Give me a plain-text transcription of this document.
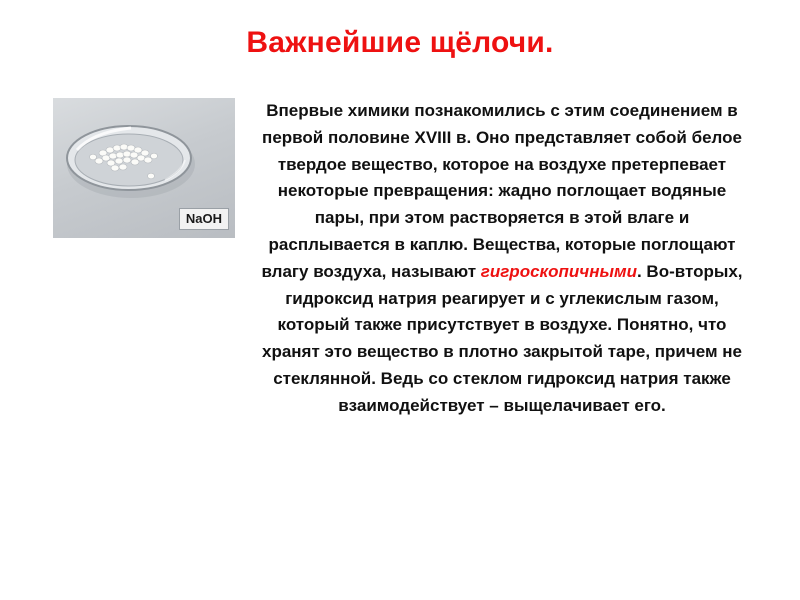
Важнейшие щёлочи.
NaOH

Впервые химики познакомились с этим соединением в первой половине XVIII в. Оно представляет собой белое твердое вещество, которое на воздухе претерпевает некоторые превращения: жадно поглощает водяные пары, при этом растворяется в этой влаге и расплывается в каплю. Вещества, которые поглощают влагу воздуха, называют гигроскопичными. Во-вторых, гидроксид натрия реагирует и с углекислым газом, который также присутствует в воздухе. Понятно, что хранят это вещество в плотно закрытой таре, причем не стеклянной. Ведь со стеклом гидроксид натрия также взаимодействует – выщелачивает его.
